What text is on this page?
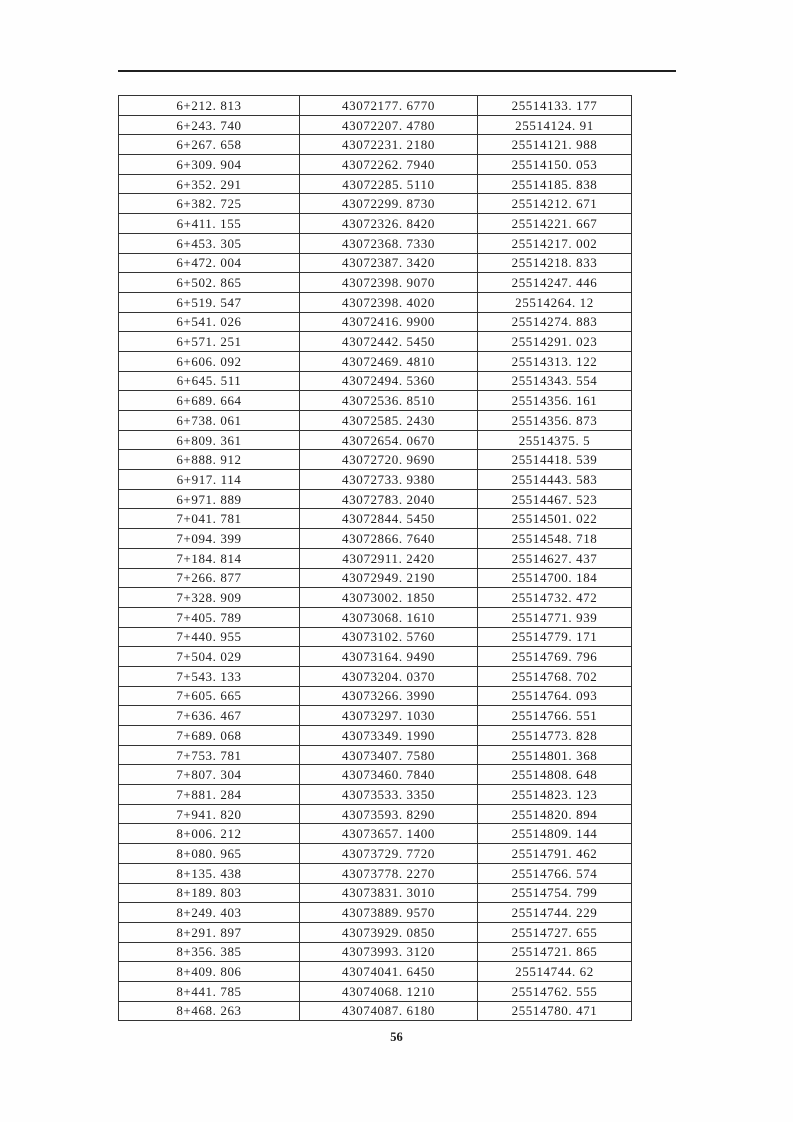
6+212. 813	43072177. 6770	25514133. 177
6+243. 740	43072207. 4780	25514124. 91
6+267. 658	43072231. 2180	25514121. 988
6+309. 904	43072262. 7940	25514150. 053
6+352. 291	43072285. 5110	25514185. 838
6+382. 725	43072299. 8730	25514212. 671
6+411. 155	43072326. 8420	25514221. 667
6+453. 305	43072368. 7330	25514217. 002
6+472. 004	43072387. 3420	25514218. 833
6+502. 865	43072398. 9070	25514247. 446
6+519. 547	43072398. 4020	25514264. 12
6+541. 026	43072416. 9900	25514274. 883
6+571. 251	43072442. 5450	25514291. 023
6+606. 092	43072469. 4810	25514313. 122
6+645. 511	43072494. 5360	25514343. 554
6+689. 664	43072536. 8510	25514356. 161
6+738. 061	43072585. 2430	25514356. 873
6+809. 361	43072654. 0670	25514375. 5
6+888. 912	43072720. 9690	25514418. 539
6+917. 114	43072733. 9380	25514443. 583
6+971. 889	43072783. 2040	25514467. 523
7+041. 781	43072844. 5450	25514501. 022
7+094. 399	43072866. 7640	25514548. 718
7+184. 814	43072911. 2420	25514627. 437
7+266. 877	43072949. 2190	25514700. 184
7+328. 909	43073002. 1850	25514732. 472
7+405. 789	43073068. 1610	25514771. 939
7+440. 955	43073102. 5760	25514779. 171
7+504. 029	43073164. 9490	25514769. 796
7+543. 133	43073204. 0370	25514768. 702
7+605. 665	43073266. 3990	25514764. 093
7+636. 467	43073297. 1030	25514766. 551
7+689. 068	43073349. 1990	25514773. 828
7+753. 781	43073407. 7580	25514801. 368
7+807. 304	43073460. 7840	25514808. 648
7+881. 284	43073533. 3350	25514823. 123
7+941. 820	43073593. 8290	25514820. 894
8+006. 212	43073657. 1400	25514809. 144
8+080. 965	43073729. 7720	25514791. 462
8+135. 438	43073778. 2270	25514766. 574
8+189. 803	43073831. 3010	25514754. 799
8+249. 403	43073889. 9570	25514744. 229
8+291. 897	43073929. 0850	25514727. 655
8+356. 385	43073993. 3120	25514721. 865
8+409. 806	43074041. 6450	25514744. 62
8+441. 785	43074068. 1210	25514762. 555
8+468. 263	43074087. 6180	25514780. 471
56
